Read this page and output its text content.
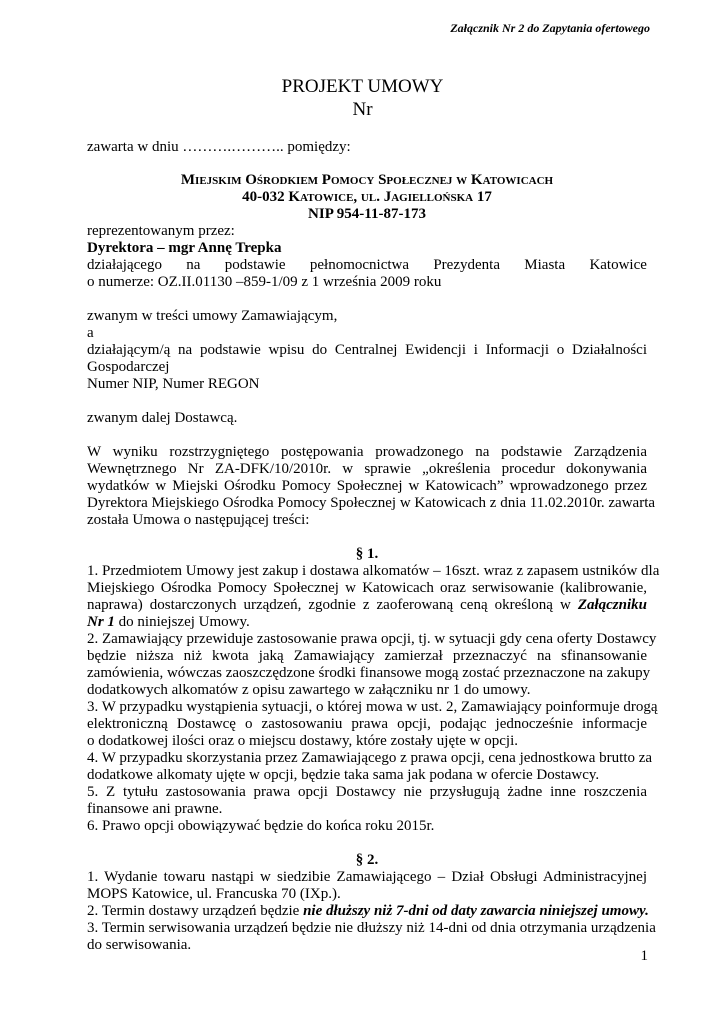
Załącznik Nr 2 do Zapytania ofertowego
PROJEKT UMOWY
Nr
zawarta w dniu ……….……….. pomiędzy:
Miejskim Ośrodkiem Pomocy Społecznej w Katowicach
40-032 Katowice, ul. Jagiellońska 17
NIP 954-11-87-173
reprezentowanym przez:
Dyrektora – mgr Annę Trepka
działającego na podstawie pełnomocnictwa Prezydenta Miasta Katowice
o numerze: OZ.II.01130 –859-1/09 z 1 września 2009 roku
zwanym w treści umowy Zamawiającym,
a
działającym/ą na podstawie wpisu do Centralnej Ewidencji i Informacji o Działalności
Gospodarczej
Numer NIP, Numer REGON
zwanym dalej Dostawcą.
W wyniku rozstrzygniętego postępowania prowadzonego na podstawie Zarządzenia
Wewnętrznego Nr ZA-DFK/10/2010r. w sprawie „określenia procedur dokonywania
wydatków w Miejski Ośrodku Pomocy Społecznej w Katowicach” wprowadzonego przez
Dyrektora Miejskiego Ośrodka Pomocy Społecznej w Katowicach z dnia 11.02.2010r. zawarta
została Umowa o następującej treści:
§ 1.
1. Przedmiotem Umowy jest zakup i dostawa alkomatów – 16szt. wraz z zapasem ustników dla
Miejskiego Ośrodka Pomocy Społecznej w Katowicach oraz serwisowanie (kalibrowanie,
naprawa) dostarczonych urządzeń, zgodnie z zaoferowaną ceną określoną w Załączniku
Nr 1 do niniejszej Umowy.
2. Zamawiający przewiduje zastosowanie prawa opcji, tj. w sytuacji gdy cena oferty Dostawcy
będzie niższa niż kwota jaką Zamawiający zamierzał przeznaczyć na sfinansowanie
zamówienia, wówczas zaoszczędzone środki finansowe mogą zostać przeznaczone na zakupy
dodatkowych alkomatów z opisu zawartego w załączniku nr 1 do umowy.
3. W przypadku wystąpienia sytuacji, o której mowa w ust. 2, Zamawiający poinformuje drogą
elektroniczną Dostawcę o zastosowaniu prawa opcji, podając jednocześnie informacje
o dodatkowej ilości oraz o miejscu dostawy, które zostały ujęte w opcji.
4. W przypadku skorzystania przez Zamawiającego z prawa opcji, cena jednostkowa brutto za
dodatkowe alkomaty ujęte w opcji, będzie taka sama jak podana w ofercie Dostawcy.
5. Z tytułu zastosowania prawa opcji Dostawcy nie przysługują żadne inne roszczenia
finansowe ani prawne.
6. Prawo opcji obowiązywać będzie do końca roku 2015r.
§ 2.
1. Wydanie towaru nastąpi w siedzibie Zamawiającego – Dział Obsługi Administracyjnej
MOPS Katowice, ul. Francuska 70 (IXp.).
2. Termin dostawy urządzeń będzie nie dłuższy niż 7-dni od daty zawarcia niniejszej umowy.
3. Termin serwisowania urządzeń będzie nie dłuższy niż 14-dni od dnia otrzymania urządzenia
do serwisowania.
1
